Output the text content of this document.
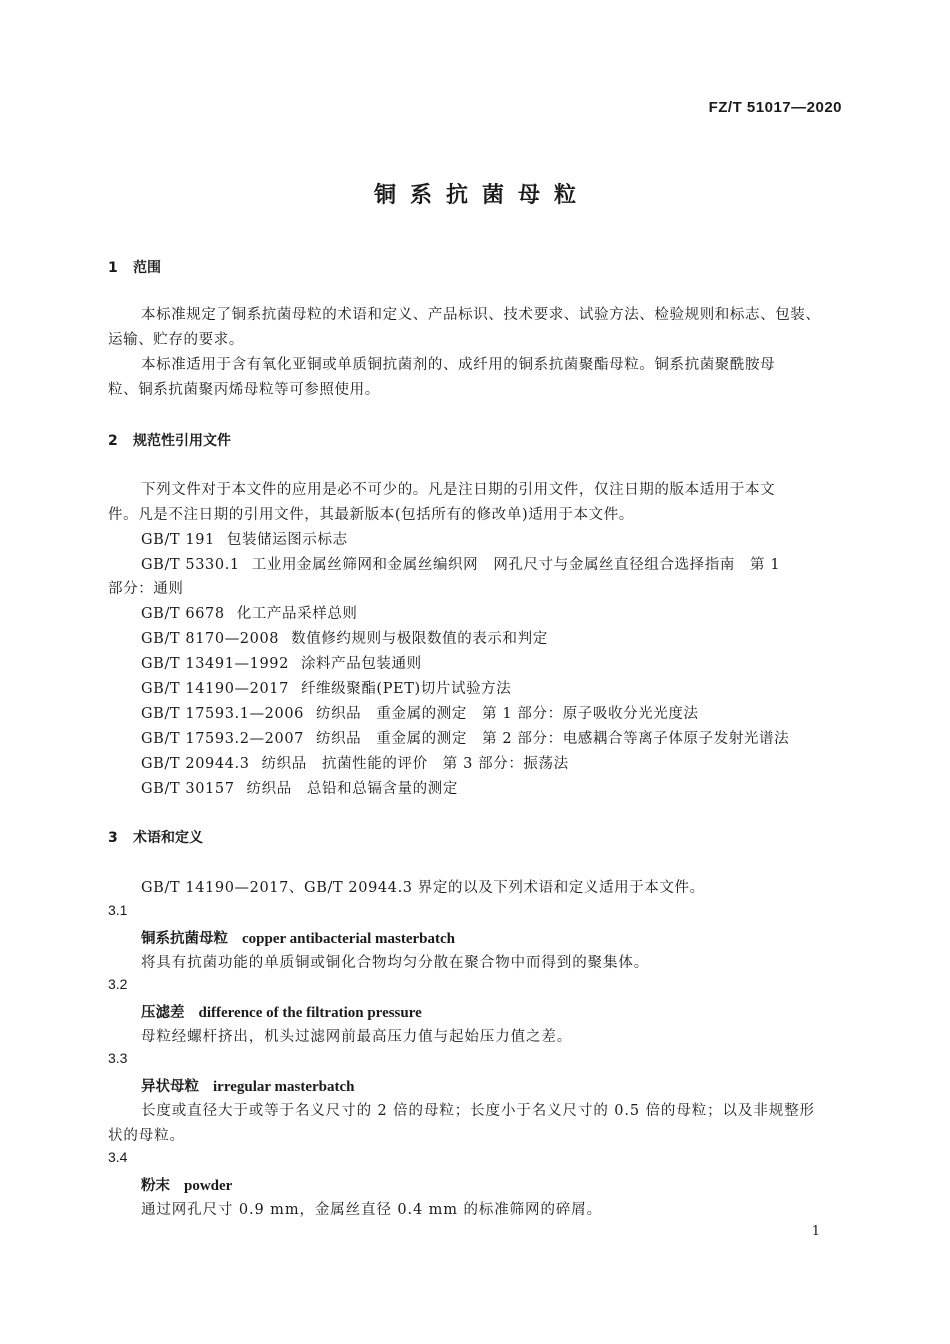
FZ/T 51017—2020
铜系抗菌母粒
1 范围
本标准规定了铜系抗菌母粒的术语和定义、产品标识、技术要求、试验方法、检验规则和标志、包装、
运输、贮存的要求。
本标准适用于含有氧化亚铜或单质铜抗菌剂的、成纤用的铜系抗菌聚酯母粒。铜系抗菌聚酰胺母
粒、铜系抗菌聚丙烯母粒等可参照使用。
2 规范性引用文件
下列文件对于本文件的应用是必不可少的。凡是注日期的引用文件，仅注日期的版本适用于本文
件。凡是不注日期的引用文件，其最新版本(包括所有的修改单)适用于本文件。
GB/T 191 包装储运图示标志
GB/T 5330.1 工业用金属丝筛网和金属丝编织网　网孔尺寸与金属丝直径组合选择指南　第 1
部分：通则
GB/T 6678 化工产品采样总则
GB/T 8170—2008 数值修约规则与极限数值的表示和判定
GB/T 13491—1992 涂料产品包装通则
GB/T 14190—2017 纤维级聚酯(PET)切片试验方法
GB/T 17593.1—2006 纺织品　重金属的测定　第 1 部分：原子吸收分光光度法
GB/T 17593.2—2007 纺织品　重金属的测定　第 2 部分：电感耦合等离子体原子发射光谱法
GB/T 20944.3 纺织品　抗菌性能的评价　第 3 部分：振荡法
GB/T 30157 纺织品　总铅和总镉含量的测定
3 术语和定义
GB/T 14190—2017、GB/T 20944.3 界定的以及下列术语和定义适用于本文件。
3.1
铜系抗菌母粒 copper antibacterial masterbatch
将具有抗菌功能的单质铜或铜化合物均匀分散在聚合物中而得到的聚集体。
3.2
压滤差 difference of the filtration pressure
母粒经螺杆挤出，机头过滤网前最高压力值与起始压力值之差。
3.3
异状母粒 irregular masterbatch
长度或直径大于或等于名义尺寸的 2 倍的母粒；长度小于名义尺寸的 0.5 倍的母粒；以及非规整形
状的母粒。
3.4
粉末 powder
通过网孔尺寸 0.9 mm，金属丝直径 0.4 mm 的标准筛网的碎屑。
1
